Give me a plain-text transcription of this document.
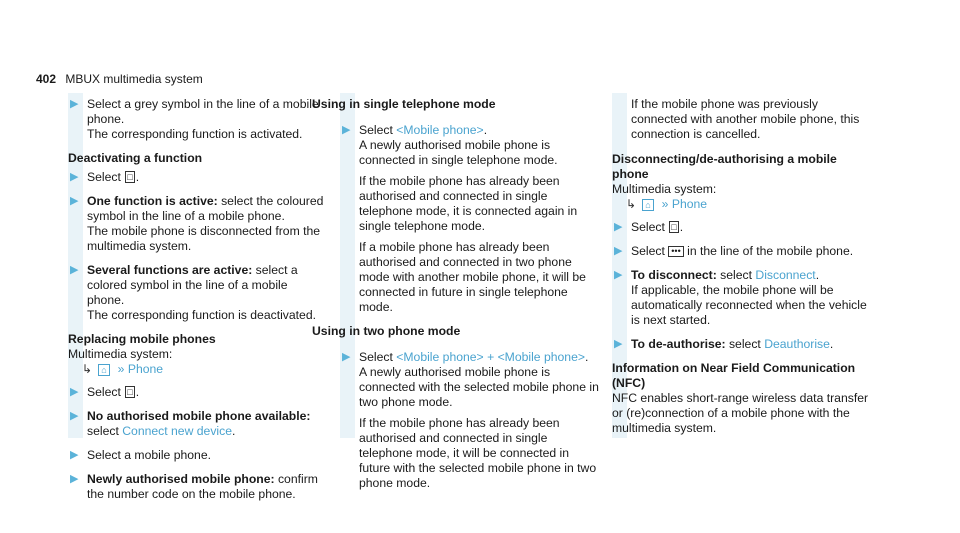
402 MBUX multimedia system
▶ Select a grey symbol in the line of a mobile phone.
The corresponding function is activated.
Deactivating a function
▶ Select □ .
▶ One function is active: select the coloured symbol in the line of a mobile phone.
The mobile phone is disconnected from the multimedia system.
▶ Several functions are active: select a colored symbol in the line of a mobile phone.
The corresponding function is deactivated.
Replacing mobile phones
Multimedia system:
↳ ⌂ » Phone
▶ Select □ .
▶ No authorised mobile phone available:
select Connect new device.
▶ Select a mobile phone.
▶ Newly authorised mobile phone: confirm the number code on the mobile phone.
Using in single telephone mode
▶ Select <Mobile phone>.

A newly authorised mobile phone is connected in single telephone mode.

If the mobile phone has already been authorised and connected in single telephone mode, it is connected again in single telephone mode.

If a mobile phone has already been authorised and connected in two phone mode with another mobile phone, it will be connected in future in single telephone mode.

Using in two phone mode
▶ Select <Mobile phone> + <Mobile phone>.

A newly authorised mobile phone is connected with the selected mobile phone in two phone mode.

If the mobile phone has already been authorised and connected in single telephone mode, it will be connected in future with the selected mobile phone in two phone mode.

If the mobile phone was previously connected with another mobile phone, this connection is cancelled.
Disconnecting/de-authorising a mobile phone
Multimedia system:
↳ ⌂ » Phone
▶ Select □ .
▶ Select ••• in the line of the mobile phone.
▶ To disconnect: select Disconnect.
If applicable, the mobile phone will be automatically reconnected when the vehicle is next started.
▶ To de-authorise: select Deauthorise.
Information on Near Field Communication (NFC)
NFC enables short-range wireless data transfer or (re)connection of a mobile phone with the multimedia system.
